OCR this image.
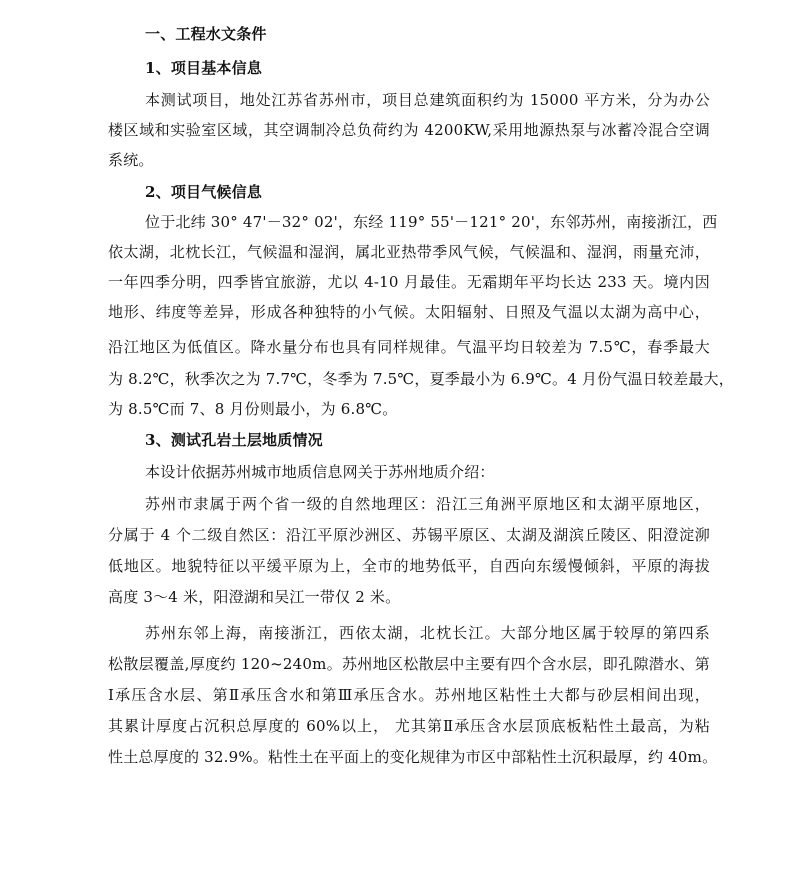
一、工程水文条件
1、项目基本信息
本测试项目，地处江苏省苏州市，项目总建筑面积约为 15000 平方米，分为办公
楼区域和实验室区域，其空调制冷总负荷约为 4200KW,采用地源热泵与冰蓄冷混合空调
系统。
2、项目气候信息
位于北纬 30° 47'－32° 02'，东经 119° 55'－121° 20'，东邻苏州，南接浙江，西
依太湖，北枕长江，气候温和湿润，属北亚热带季风气候，气候温和、湿润，雨量充沛，
一年四季分明，四季皆宜旅游，尤以 4-10 月最佳。无霜期年平均长达 233 天。境内因
地形、纬度等差异，形成各种独特的小气候。太阳辐射、日照及气温以太湖为高中心，
沿江地区为低值区。降水量分布也具有同样规律。气温平均日较差为 7.5℃，春季最大
为 8.2℃，秋季次之为 7.7℃，冬季为 7.5℃，夏季最小为 6.9℃。4 月份气温日较差最大，
为 8.5℃而 7、8 月份则最小，为 6.8℃。
3、测试孔岩土层地质情况
本设计依据苏州城市地质信息网关于苏州地质介绍：
苏州市隶属于两个省一级的自然地理区：沿江三角洲平原地区和太湖平原地区，
分属于 4 个二级自然区：沿江平原沙洲区、苏锡平原区、太湖及湖滨丘陵区、阳澄淀泖
低地区。地貌特征以平缓平原为上，全市的地势低平，自西向东缓慢倾斜，平原的海拔
高度 3～4 米，阳澄湖和吴江一带仅 2 米。
苏州东邻上海，南接浙江，西依太湖，北枕长江。大部分地区属于较厚的第四系
松散层覆盖,厚度约 120~240m。苏州地区松散层中主要有四个含水层，即孔隙潜水、第
Ⅰ承压含水层、第Ⅱ承压含水和第Ⅲ承压含水。苏州地区粘性土大都与砂层相间出现，
其累计厚度占沉积总厚度的 60%以上， 尤其第Ⅱ承压含水层顶底板粘性土最高，为粘
性土总厚度的 32.9%。粘性土在平面上的变化规律为市区中部粘性土沉积最厚，约 40m。
